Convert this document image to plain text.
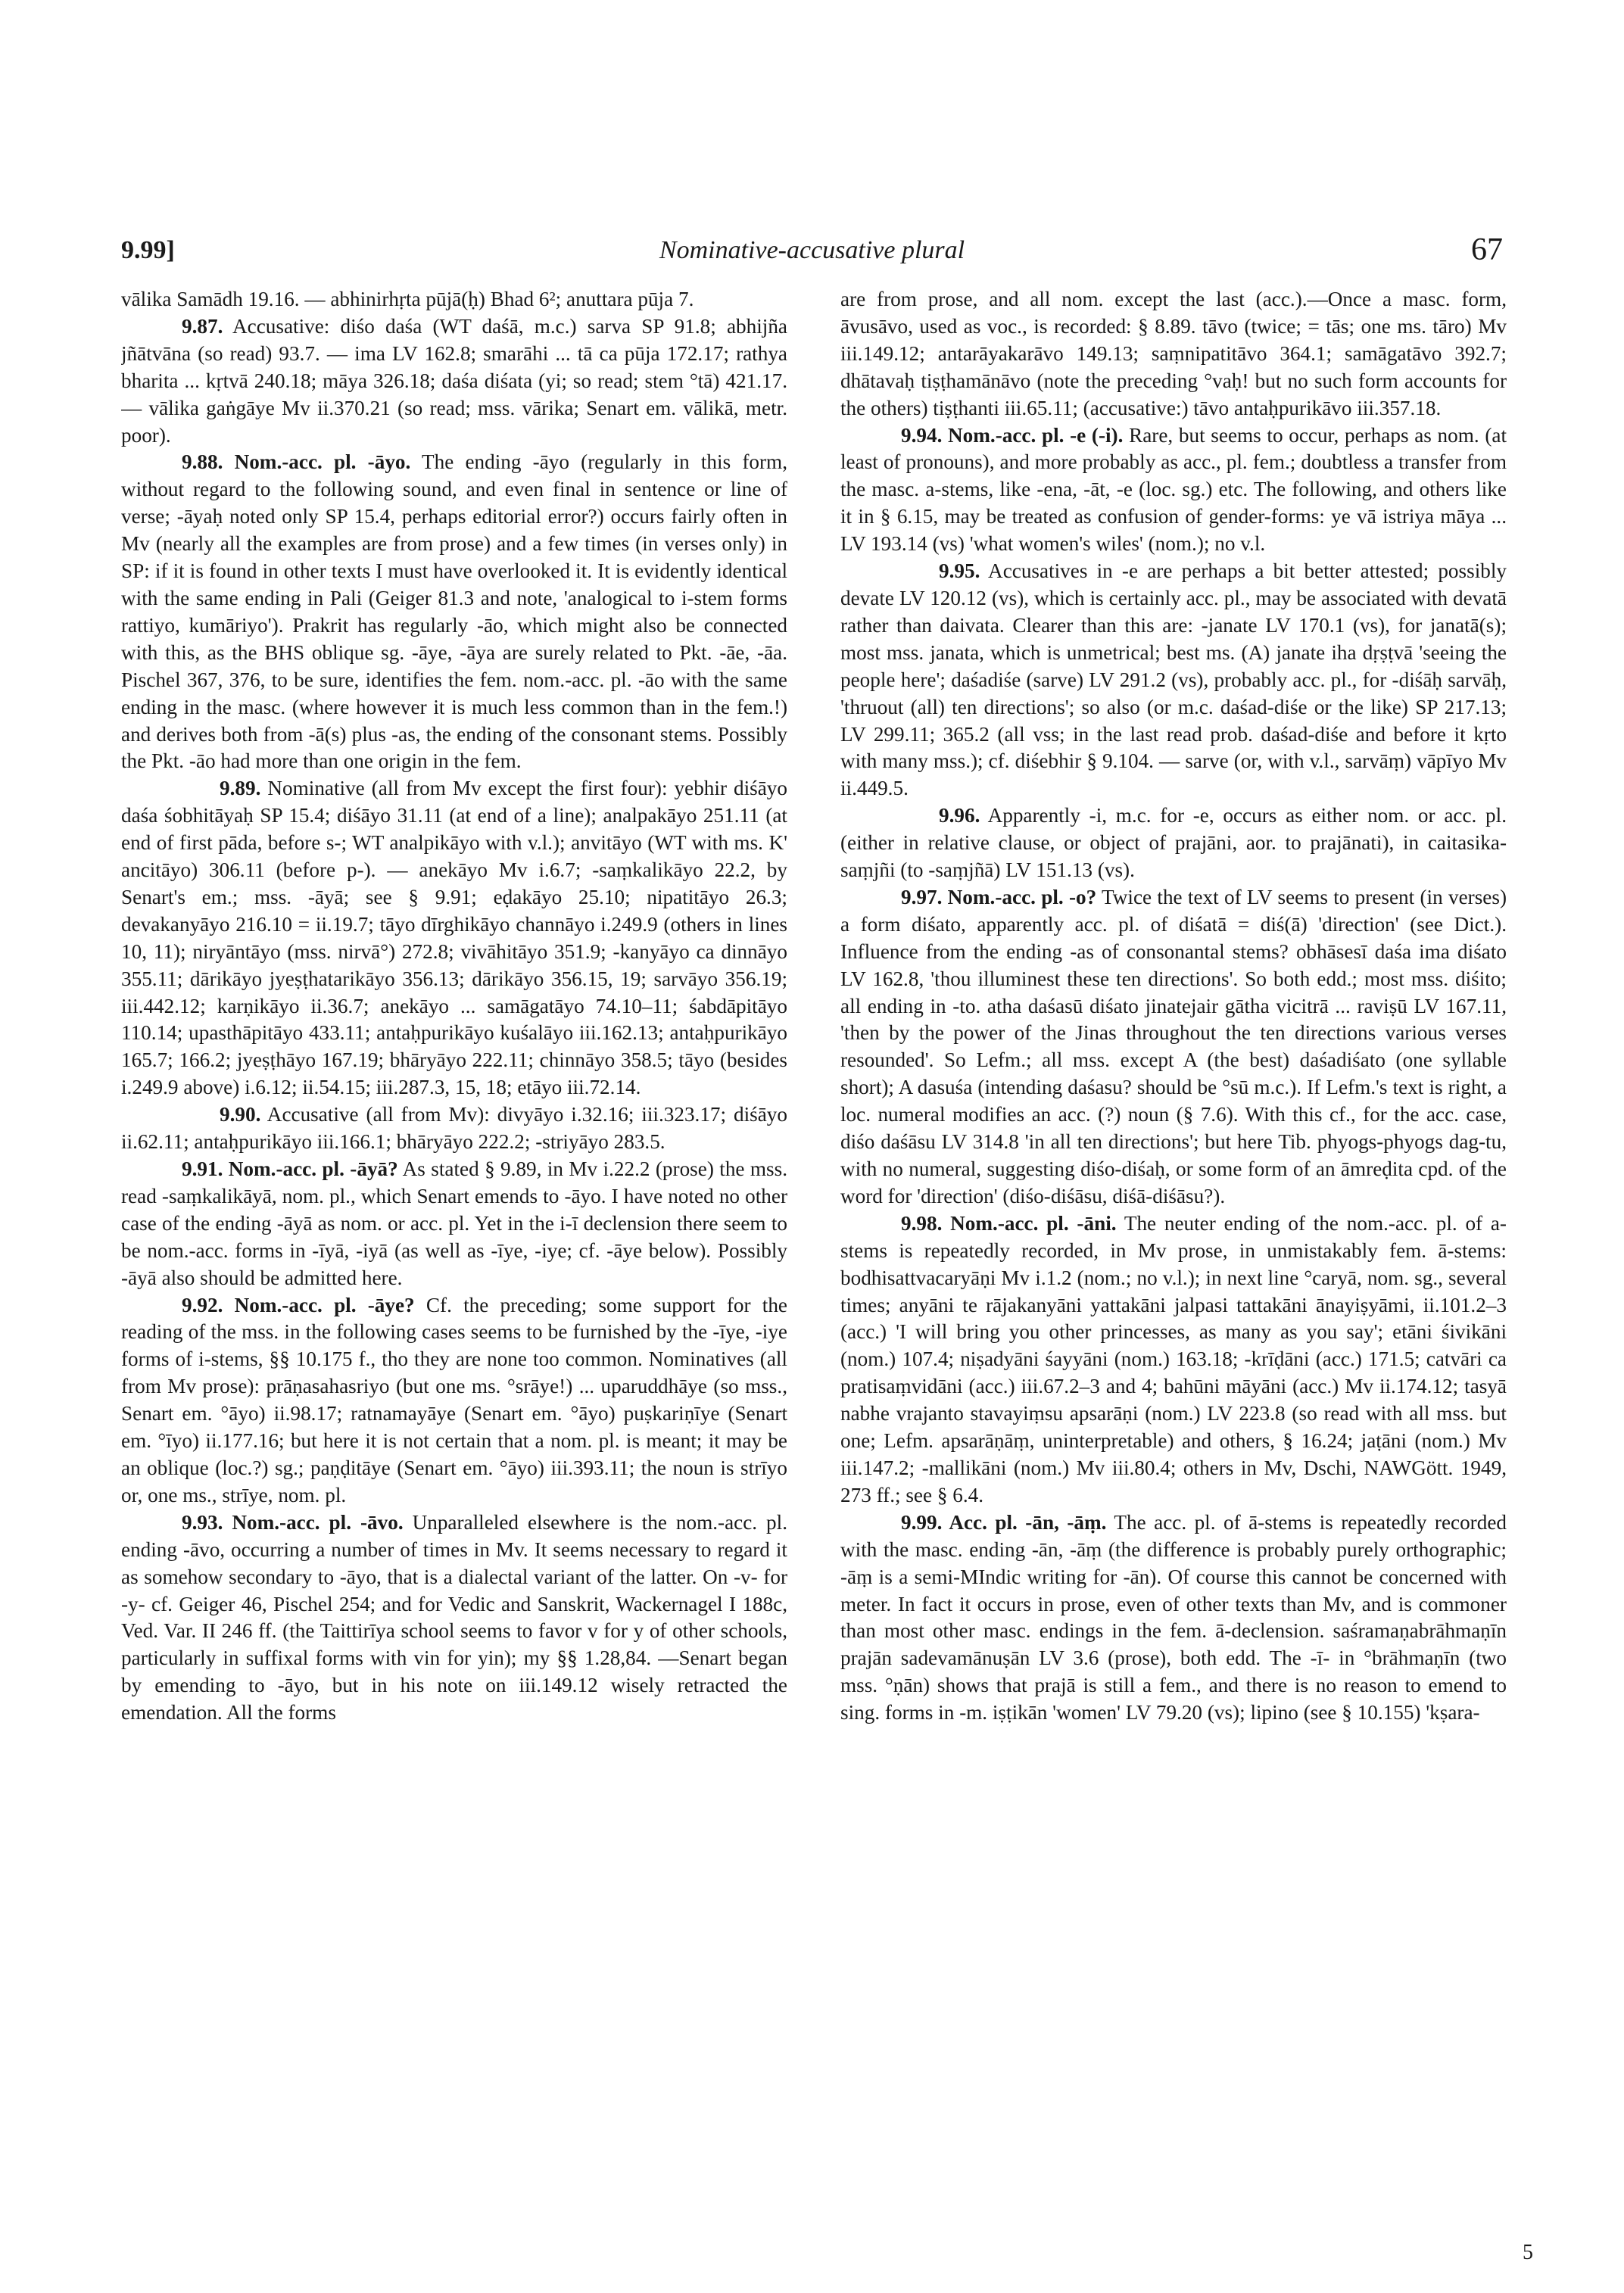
9.99]	Nominative-accusative plural	67

vālika Samādh 19.16. — abhinirhṛta pūjā(ḥ) Bhad 6²; anuttara pūja 7.

9.87. Accusative: diśo daśa (WT daśā, m.c.) sarva SP 91.8; abhijña jñātvāna (so read) 93.7. — ima LV 162.8; smarāhi ... tā ca pūja 172.17; rathya bharita ... kṛtvā 240.18; māya 326.18; daśa diśata (yi; so read; stem °tā) 421.17. — vālika gaṅgāye Mv ii.370.21 (so read; mss. vārika; Senart em. vālikā, metr. poor).

9.88. Nom.-acc. pl. -āyo. The ending -āyo (regularly in this form, without regard to the following sound, and even final in sentence or line of verse; -āyaḥ noted only SP 15.4, perhaps editorial error?) occurs fairly often in Mv (nearly all the examples are from prose) and a few times (in verses only) in SP: if it is found in other texts I must have overlooked it. It is evidently identical with the same ending in Pali (Geiger 81.3 and note, 'analogical to i-stem forms rattiyo, kumāriyo'). Prakrit has regularly -āo, which might also be connected with this, as the BHS oblique sg. -āye, -āya are surely related to Pkt. -āe, -āa. Pischel 367, 376, to be sure, identifies the fem. nom.-acc. pl. -āo with the same ending in the masc. (where however it is much less common than in the fem.!) and derives both from -ā(s) plus -as, the ending of the consonant stems. Possibly the Pkt. -āo had more than one origin in the fem.

9.89. Nominative (all from Mv except the first four): yebhir diśāyo daśa śobhitāyaḥ SP 15.4; diśāyo 31.11 (at end of a line); analpakāyo 251.11 (at end of first pāda, before s-; WT analpikāyo with v.l.); anvitāyo (WT with ms. K' ancitāyo) 306.11 (before p-). — anekāyo Mv i.6.7; -saṃkalikāyo 22.2, by Senart's em.; mss. -āyā; see § 9.91; eḍakāyo 25.10; nipatitāyo 26.3; devakanyāyo 216.10 = ii.19.7; tāyo dīrghikāyo channāyo i.249.9 (others in lines 10, 11); niryāntāyo (mss. nirvā°) 272.8; vivāhitāyo 351.9; -kanyāyo ca dinnāyo 355.11; dārikāyo jyeṣṭhatarikāyo 356.13; dārikāyo 356.15, 19; sarvāyo 356.19; iii.442.12; karṇikāyo ii.36.7; anekāyo ... samāgatāyo 74.10–11; śabdāpitāyo 110.14; upasthāpitāyo 433.11; antaḥpurikāyo kuśalāyo iii.162.13; antaḥpurikāyo 165.7; 166.2; jyeṣṭhāyo 167.19; bhāryāyo 222.11; chinnāyo 358.5; tāyo (besides i.249.9 above) i.6.12; ii.54.15; iii.287.3, 15, 18; etāyo iii.72.14.

9.90. Accusative (all from Mv): divyāyo i.32.16; iii.323.17; diśāyo ii.62.11; antaḥpurikāyo iii.166.1; bhāryāyo 222.2; -striyāyo 283.5.

9.91. Nom.-acc. pl. -āyā? As stated § 9.89, in Mv i.22.2 (prose) the mss. read -saṃkalikāyā, nom. pl., which Senart emends to -āyo. I have noted no other case of the ending -āyā as nom. or acc. pl. Yet in the i-ī declension there seem to be nom.-acc. forms in -īyā, -iyā (as well as -īye, -iye; cf. -āye below). Possibly -āyā also should be admitted here.

9.92. Nom.-acc. pl. -āye? Cf. the preceding; some support for the reading of the mss. in the following cases seems to be furnished by the -īye, -iye forms of i-stems, §§ 10.175 f., tho they are none too common. Nominatives (all from Mv prose): prāṇasahasriyo (but one ms. °srāye!) ... uparuddhāye (so mss., Senart em. °āyo) ii.98.17; ratnamayāye (Senart em. °āyo) puṣkariṇīye (Senart em. °īyo) ii.177.16; but here it is not certain that a nom. pl. is meant; it may be an oblique (loc.?) sg.; paṇḍitāye (Senart em. °āyo) iii.393.11; the noun is strīyo or, one ms., strīye, nom. pl.

9.93. Nom.-acc. pl. -āvo. Unparalleled elsewhere is the nom.-acc. pl. ending -āvo, occurring a number of times in Mv. It seems necessary to regard it as somehow secondary to -āyo, that is a dialectal variant of the latter. On -v- for -y- cf. Geiger 46, Pischel 254; and for Vedic and Sanskrit, Wackernagel I 188c, Ved. Var. II 246 ff. (the Taittirīya school seems to favor v for y of other schools, particularly in suffixal forms with vin for yin); my §§ 1.28,84. —Senart began by emending to -āyo, but in his note on iii.149.12 wisely retracted the emendation. All the forms

are from prose, and all nom. except the last (acc.).—Once a masc. form, āvusāvo, used as voc., is recorded: § 8.89. tāvo (twice; = tās; one ms. tāro) Mv iii.149.12; antarāyakarāvo 149.13; saṃnipatitāvo 364.1; samāgatāvo 392.7; dhātavaḥ tiṣṭhamānāvo (note the preceding °vaḥ! but no such form accounts for the others) tiṣṭhanti iii.65.11; (accusative:) tāvo antaḥpurikāvo iii.357.18.

9.94. Nom.-acc. pl. -e (-i). Rare, but seems to occur, perhaps as nom. (at least of pronouns), and more probably as acc., pl. fem.; doubtless a transfer from the masc. a-stems, like -ena, -āt, -e (loc. sg.) etc. The following, and others like it in § 6.15, may be treated as confusion of gender-forms: ye vā istriya māya ... LV 193.14 (vs) 'what women's wiles' (nom.); no v.l.

9.95. Accusatives in -e are perhaps a bit better attested; possibly devate LV 120.12 (vs), which is certainly acc. pl., may be associated with devatā rather than daivata. Clearer than this are: -janate LV 170.1 (vs), for janatā(s); most mss. janata, which is unmetrical; best ms. (A) janate iha dṛṣṭvā 'seeing the people here'; daśadiśe (sarve) LV 291.2 (vs), probably acc. pl., for -diśāḥ sarvāḥ, 'thruout (all) ten directions'; so also (or m.c. daśad-diśe or the like) SP 217.13; LV 299.11; 365.2 (all vss; in the last read prob. daśad-diśe and before it kṛto with many mss.); cf. diśebhir § 9.104. — sarve (or, with v.l., sarvāṃ) vāpīyo Mv ii.449.5.

9.96. Apparently -i, m.c. for -e, occurs as either nom. or acc. pl. (either in relative clause, or object of prajāni, aor. to prajānati), in caitasika-saṃjñi (to -saṃjñā) LV 151.13 (vs).

9.97. Nom.-acc. pl. -o? Twice the text of LV seems to present (in verses) a form diśato, apparently acc. pl. of diśatā = diś(ā) 'direction' (see Dict.). Influence from the ending -as of consonantal stems? obhāsesī daśa ima diśato LV 162.8, 'thou illuminest these ten directions'. So both edd.; most mss. diśito; all ending in -to. atha daśasū diśato jinatejair gātha vicitrā ... raviṣū LV 167.11, 'then by the power of the Jinas throughout the ten directions various verses resounded'. So Lefm.; all mss. except A (the best) daśadiśato (one syllable short); A dasuśa (intending daśasu? should be °sū m.c.). If Lefm.'s text is right, a loc. numeral modifies an acc. (?) noun (§ 7.6). With this cf., for the acc. case, diśo daśāsu LV 314.8 'in all ten directions'; but here Tib. phyogs-phyogs dag-tu, with no numeral, suggesting diśo-diśaḥ, or some form of an āmreḍita cpd. of the word for 'direction' (diśo-diśāsu, diśā-diśāsu?).

9.98. Nom.-acc. pl. -āni. The neuter ending of the nom.-acc. pl. of a-stems is repeatedly recorded, in Mv prose, in unmistakably fem. ā-stems: bodhisattvacaryāṇi Mv i.1.2 (nom.; no v.l.); in next line °caryā, nom. sg., several times; anyāni te rājakanyāni yattakāni jalpasi tattakāni ānayiṣyāmi, ii.101.2–3 (acc.) 'I will bring you other princesses, as many as you say'; etāni śivikāni (nom.) 107.4; niṣadyāni śayyāni (nom.) 163.18; -krīḍāni (acc.) 171.5; catvāri ca pratisaṃvidāni (acc.) iii.67.2–3 and 4; bahūni māyāni (acc.) Mv ii.174.12; tasyā nabhe vrajanto stavayiṃsu apsarāṇi (nom.) LV 223.8 (so read with all mss. but one; Lefm. apsarāṇāṃ, uninterpretable) and others, § 16.24; jaṭāni (nom.) Mv iii.147.2; -mallikāni (nom.) Mv iii.80.4; others in Mv, Dschi, NAWGött. 1949, 273 ff.; see § 6.4.

9.99. Acc. pl. -ān, -āṃ. The acc. pl. of ā-stems is repeatedly recorded with the masc. ending -ān, -āṃ (the difference is probably purely orthographic; -āṃ is a semi-MIndic writing for -ān). Of course this cannot be concerned with meter. In fact it occurs in prose, even of other texts than Mv, and is commoner than most other masc. endings in the fem. ā-declension. saśramaṇabrāhmaṇīn prajān sadevamānuṣān LV 3.6 (prose), both edd. The -ī- in °brāhmaṇīn (two mss. °ṇān) shows that prajā is still a fem., and there is no reason to emend to sing. forms in -m. iṣṭikān 'women' LV 79.20 (vs); lipino (see § 10.155) 'kṣara-

5
